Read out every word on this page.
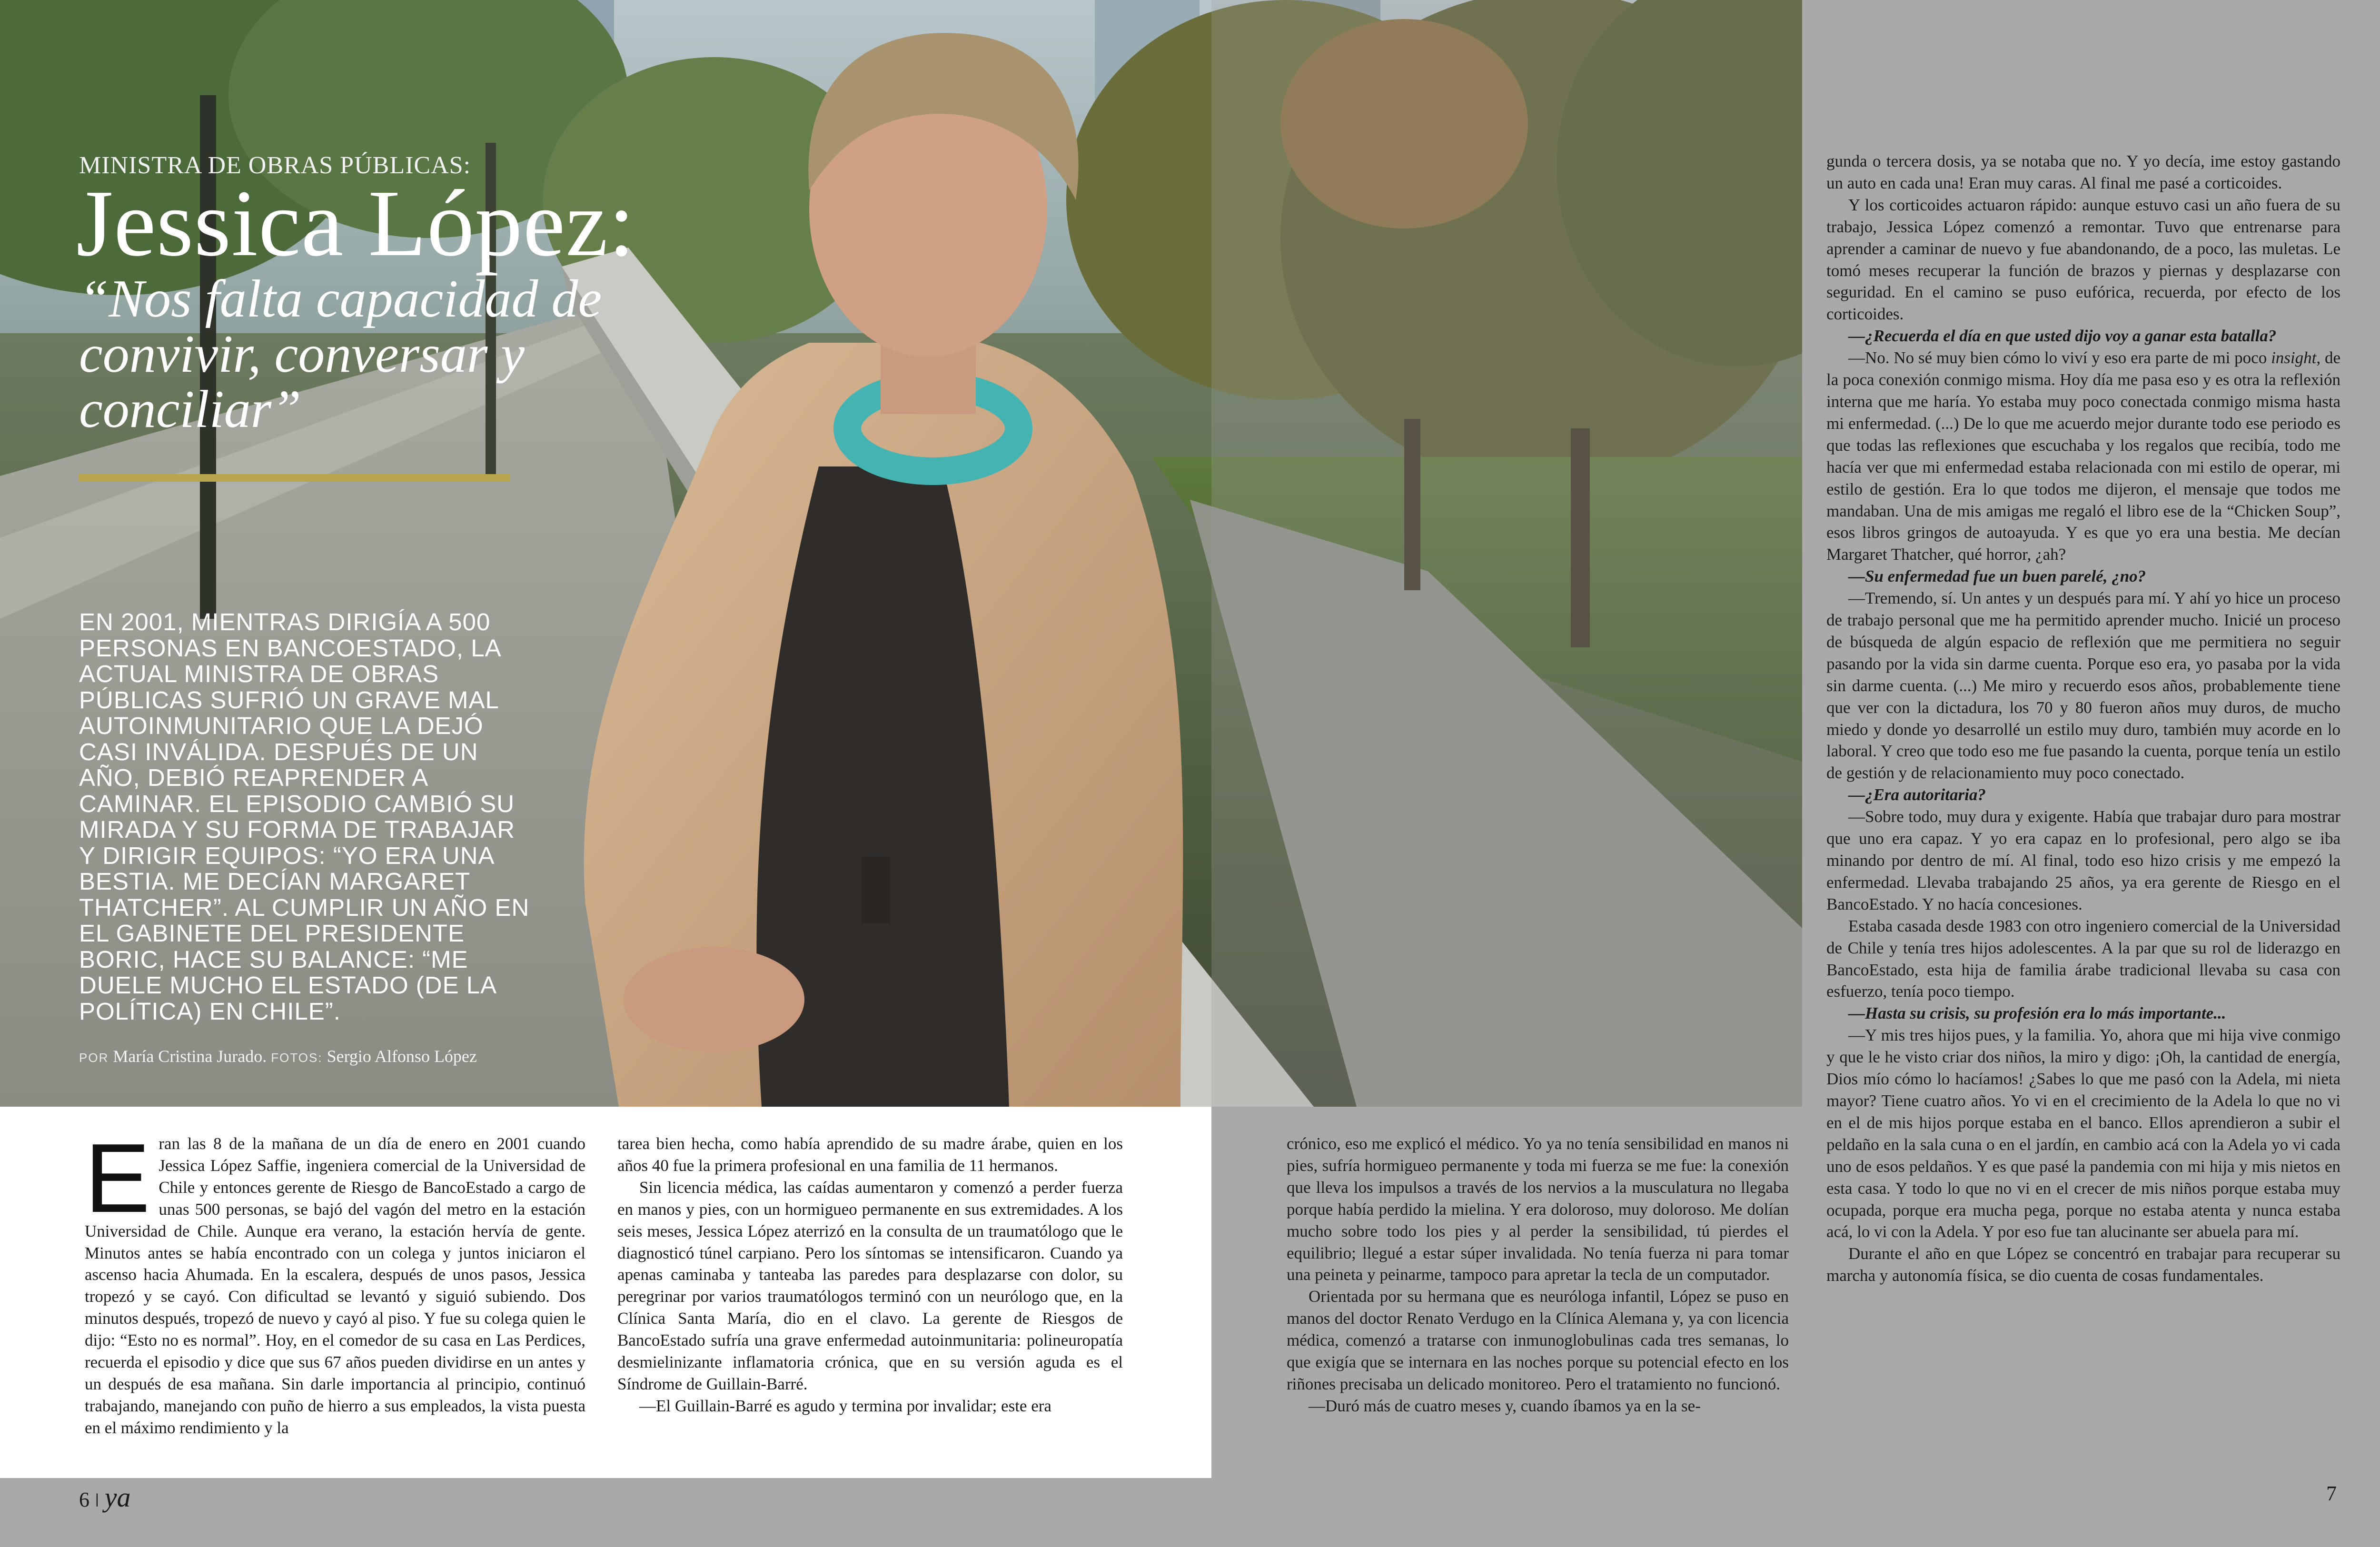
MINISTRA DE OBRAS PÚBLICAS:
Jessica López:
“Nos falta capacidad de convivir, conversar y conciliar”
EN 2001, MIENTRAS DIRIGÍA A 500 PERSONAS EN BANCOESTADO, LA ACTUAL MINISTRA DE OBRAS PÚBLICAS SUFRIÓ UN GRAVE MAL AUTOINMUNITARIO QUE LA DEJÓ CASI INVÁLIDA. DESPUÉS DE UN AÑO, DEBIÓ REAPRENDER A CAMINAR. EL EPISODIO CAMBIÓ SU MIRADA Y SU FORMA DE TRABAJAR Y DIRIGIR EQUIPOS: “YO ERA UNA BESTIA. ME DECÍAN MARGARET THATCHER”. AL CUMPLIR UN AÑO EN EL GABINETE DEL PRESIDENTE BORIC, HACE SU BALANCE: “ME DUELE MUCHO EL ESTADO (DE LA POLÍTICA) EN CHILE”.
POR María Cristina Jurado. FOTOS: Sergio Alfonso López
E ran las 8 de la mañana de un día de enero en 2001 cuando Jessica López Saffie, ingeniera comercial de la Universidad de Chile y entonces gerente de Riesgo de BancoEstado a cargo de unas 500 personas, se bajó del vagón del metro en la estación Universidad de Chile. Aunque era verano, la estación hervía de gente. Minutos antes se había encontrado con un colega y juntos iniciaron el ascenso hacia Ahumada. En la escalera, después de unos pasos, Jessica tropezó y se cayó. Con dificultad se levantó y siguió subiendo. Dos minutos después, tropezó de nuevo y cayó al piso. Y fue su colega quien le dijo: “Esto no es normal”. Hoy, en el comedor de su casa en Las Perdices, recuerda el episodio y dice que sus 67 años pueden dividirse en un antes y un después de esa mañana. Sin darle importancia al principio, continuó trabajando, manejando con puño de hierro a sus empleados, la vista puesta en el máximo rendimiento y la

tarea bien hecha, como había aprendido de su madre árabe, quien en los años 40 fue la primera profesional en una familia de 11 hermanos.

Sin licencia médica, las caídas aumentaron y comenzó a perder fuerza en manos y pies, con un hormigueo permanente en sus extremidades. A los seis meses, Jessica López aterrizó en la consulta de un traumatólogo que le diagnosticó túnel carpiano. Pero los síntomas se intensificaron. Cuando ya apenas caminaba y tanteaba las paredes para desplazarse con dolor, su peregrinar por varios traumatólogos terminó con un neurólogo que, en la Clínica Santa María, dio en el clavo. La gerente de Riesgos de BancoEstado sufría una grave enfermedad autoinmunitaria: polineuropatía desmielinizante inflamatoria crónica, que en su versión aguda es el Síndrome de Guillain-Barré.

—El Guillain-Barré es agudo y termina por invalidar; este era

crónico, eso me explicó el médico. Yo ya no tenía sensibilidad en manos ni pies, sufría hormigueo permanente y toda mi fuerza se me fue: la conexión que lleva los impulsos a través de los nervios a la musculatura no llegaba porque había perdido la mielina. Y era doloroso, muy doloroso. Me dolían mucho sobre todo los pies y al perder la sensibilidad, tú pierdes el equilibrio; llegué a estar súper invalidada. No tenía fuerza ni para tomar una peineta y peinarme, tampoco para apretar la tecla de un computador.

Orientada por su hermana que es neuróloga infantil, López se puso en manos del doctor Renato Verdugo en la Clínica Alemana y, ya con licencia médica, comenzó a tratarse con inmunoglobulinas cada tres semanas, lo que exigía que se internara en las noches porque su potencial efecto en los riñones precisaba un delicado monitoreo. Pero el tratamiento no funcionó.

—Duró más de cuatro meses y, cuando íbamos ya en la se-

gunda o tercera dosis, ya se notaba que no. Y yo decía, ime estoy gastando un auto en cada una! Eran muy caras. Al final me pasé a corticoides.

Y los corticoides actuaron rápido: aunque estuvo casi un año fuera de su trabajo, Jessica López comenzó a remontar. Tuvo que entrenarse para aprender a caminar de nuevo y fue abandonando, de a poco, las muletas. Le tomó meses recuperar la función de brazos y piernas y desplazarse con seguridad. En el camino se puso eufórica, recuerda, por efecto de los corticoides.

—¿Recuerda el día en que usted dijo voy a ganar esta batalla?

—No. No sé muy bien cómo lo viví y eso era parte de mi poco insight, de la poca conexión conmigo misma. Hoy día me pasa eso y es otra la reflexión interna que me haría. Yo estaba muy poco conectada conmigo misma hasta mi enfermedad. (...) De lo que me acuerdo mejor durante todo ese periodo es que todas las reflexiones que escuchaba y los regalos que recibía, todo me hacía ver que mi enfermedad estaba relacionada con mi estilo de operar, mi estilo de gestión. Era lo que todos me dijeron, el mensaje que todos me mandaban. Una de mis amigas me regaló el libro ese de la “Chicken Soup”, esos libros gringos de autoayuda. Y es que yo era una bestia. Me decían Margaret Thatcher, qué horror, ¿ah?

—Su enfermedad fue un buen parelé, ¿no?

—Tremendo, sí. Un antes y un después para mí. Y ahí yo hice un proceso de trabajo personal que me ha permitido aprender mucho. Inicié un proceso de búsqueda de algún espacio de reflexión que me permitiera no seguir pasando por la vida sin darme cuenta. Porque eso era, yo pasaba por la vida sin darme cuenta. (...) Me miro y recuerdo esos años, probablemente tiene que ver con la dictadura, los 70 y 80 fueron años muy duros, de mucho miedo y donde yo desarrollé un estilo muy duro, también muy acorde en lo laboral. Y creo que todo eso me fue pasando la cuenta, porque tenía un estilo de gestión y de relacionamiento muy poco conectado.

—¿Era autoritaria?

—Sobre todo, muy dura y exigente. Había que trabajar duro para mostrar que uno era capaz. Y yo era capaz en lo profesional, pero algo se iba minando por dentro de mí. Al final, todo eso hizo crisis y me empezó la enfermedad. Llevaba trabajando 25 años, ya era gerente de Riesgo en el BancoEstado. Y no hacía concesiones.

Estaba casada desde 1983 con otro ingeniero comercial de la Universidad de Chile y tenía tres hijos adolescentes. A la par que su rol de liderazgo en BancoEstado, esta hija de familia árabe tradicional llevaba su casa con esfuerzo, tenía poco tiempo.

—Hasta su crisis, su profesión era lo más importante...

—Y mis tres hijos pues, y la familia. Yo, ahora que mi hija vive conmigo y que le he visto criar dos niños, la miro y digo: ¡Oh, la cantidad de energía, Dios mío cómo lo hacíamos! ¿Sabes lo que me pasó con la Adela, mi nieta mayor? Tiene cuatro años. Yo vi en el crecimiento de la Adela lo que no vi en el de mis hijos porque estaba en el banco. Ellos aprendieron a subir el peldaño en la sala cuna o en el jardín, en cambio acá con la Adela yo vi cada uno de esos peldaños. Y es que pasé la pandemia con mi hija y mis nietos en esta casa. Y todo lo que no vi en el crecer de mis niños porque estaba muy ocupada, porque era mucha pega, porque no estaba atenta y nunca estaba acá, lo vi con la Adela. Y por eso fue tan alucinante ser abuela para mí.

Durante el año en que López se concentró en trabajar para recuperar su marcha y autonomía física, se dio cuenta de cosas fundamentales.

6 | ya	7
